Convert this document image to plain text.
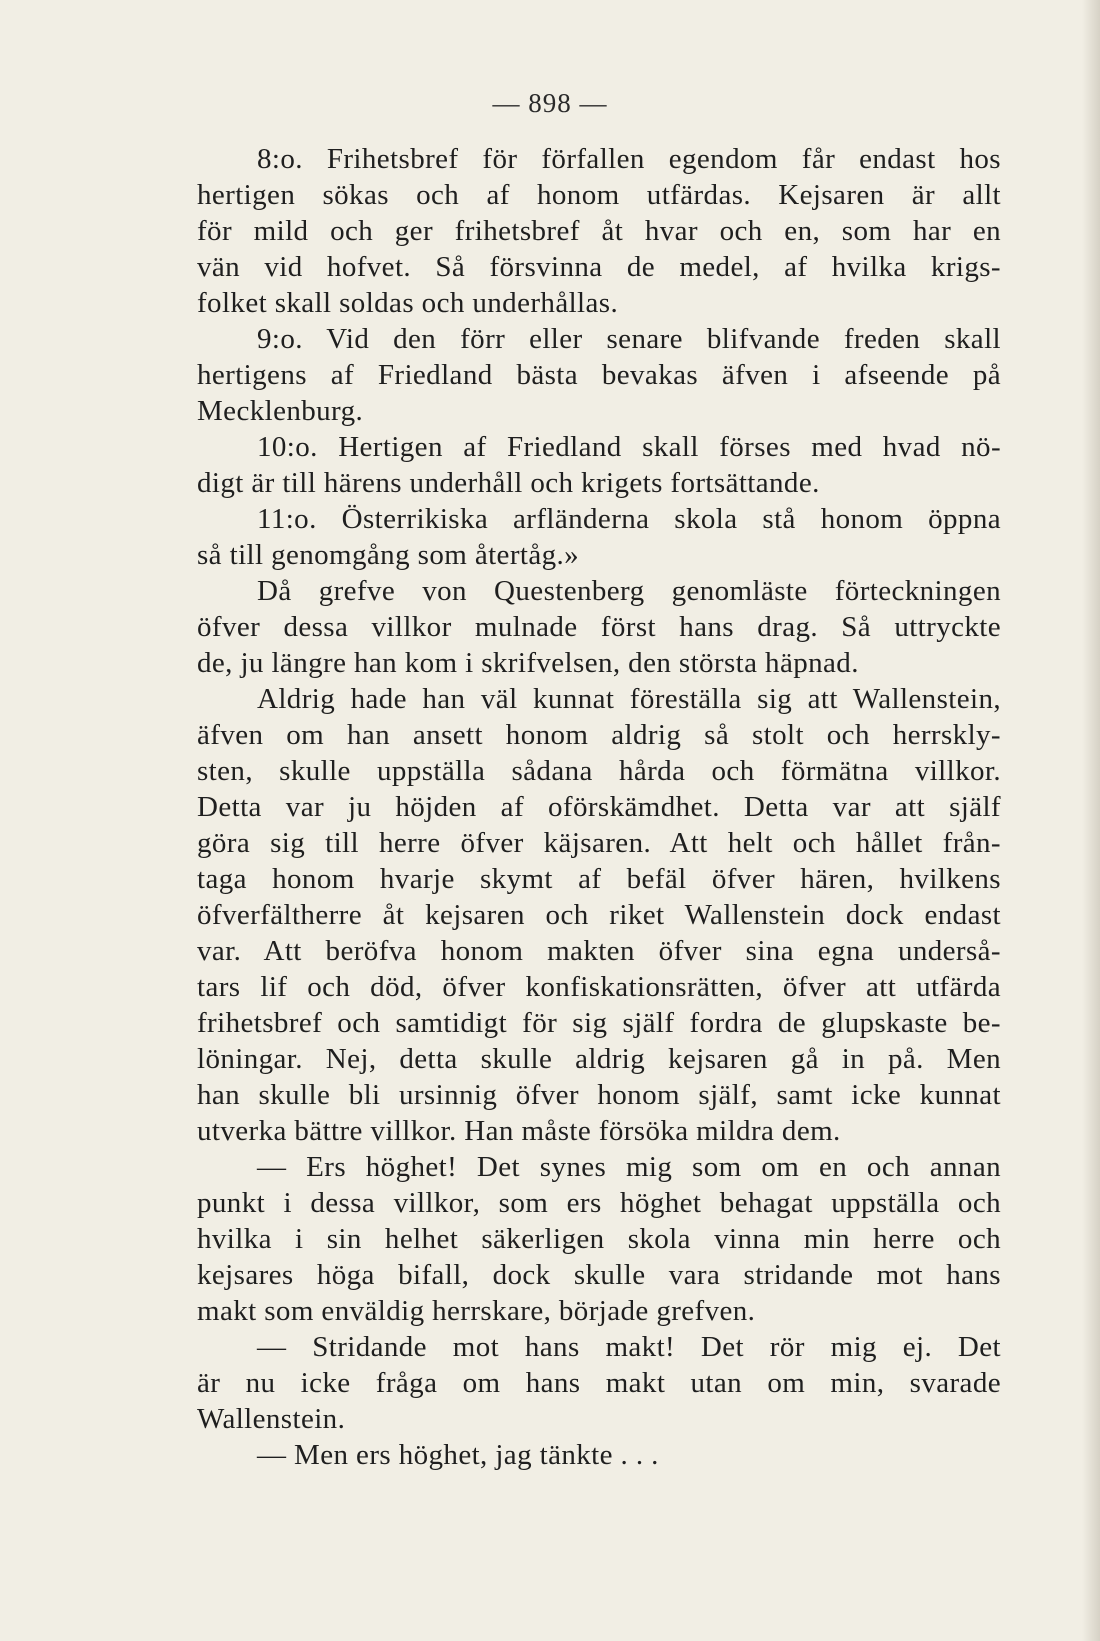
— 898 —
8:o. Frihetsbref för förfallen egendom får endast hos
hertigen sökas och af honom utfärdas. Kejsaren är allt
för mild och ger frihetsbref åt hvar och en, som har en
vän vid hofvet. Så försvinna de medel, af hvilka krigs-
folket skall soldas och underhållas.
9:o. Vid den förr eller senare blifvande freden skall
hertigens af Friedland bästa bevakas äfven i afseende på
Mecklenburg.
10:o. Hertigen af Friedland skall förses med hvad nö-
digt är till härens underhåll och krigets fortsättande.
11:o. Österrikiska arfländerna skola stå honom öppna
så till genomgång som återtåg.»
Då grefve von Questenberg genomläste förteckningen
öfver dessa villkor mulnade först hans drag. Så uttryckte
de, ju längre han kom i skrifvelsen, den största häpnad.
Aldrig hade han väl kunnat föreställa sig att Wallenstein,
äfven om han ansett honom aldrig så stolt och herrskly-
sten, skulle uppställa sådana hårda och förmätna villkor.
Detta var ju höjden af oförskämdhet. Detta var att själf
göra sig till herre öfver käjsaren. Att helt och hållet från-
taga honom hvarje skymt af befäl öfver hären, hvilkens
öfverfältherre åt kejsaren och riket Wallenstein dock endast
var. Att beröfva honom makten öfver sina egna underså-
tars lif och död, öfver konfiskationsrätten, öfver att utfärda
frihetsbref och samtidigt för sig själf fordra de glupskaste be-
löningar. Nej, detta skulle aldrig kejsaren gå in på. Men
han skulle bli ursinnig öfver honom själf, samt icke kunnat
utverka bättre villkor. Han måste försöka mildra dem.
— Ers höghet! Det synes mig som om en och annan
punkt i dessa villkor, som ers höghet behagat uppställa och
hvilka i sin helhet säkerligen skola vinna min herre och
kejsares höga bifall, dock skulle vara stridande mot hans
makt som enväldig herrskare, började grefven.
— Stridande mot hans makt! Det rör mig ej. Det
är nu icke fråga om hans makt utan om min, svarade
Wallenstein.
— Men ers höghet, jag tänkte . . .
